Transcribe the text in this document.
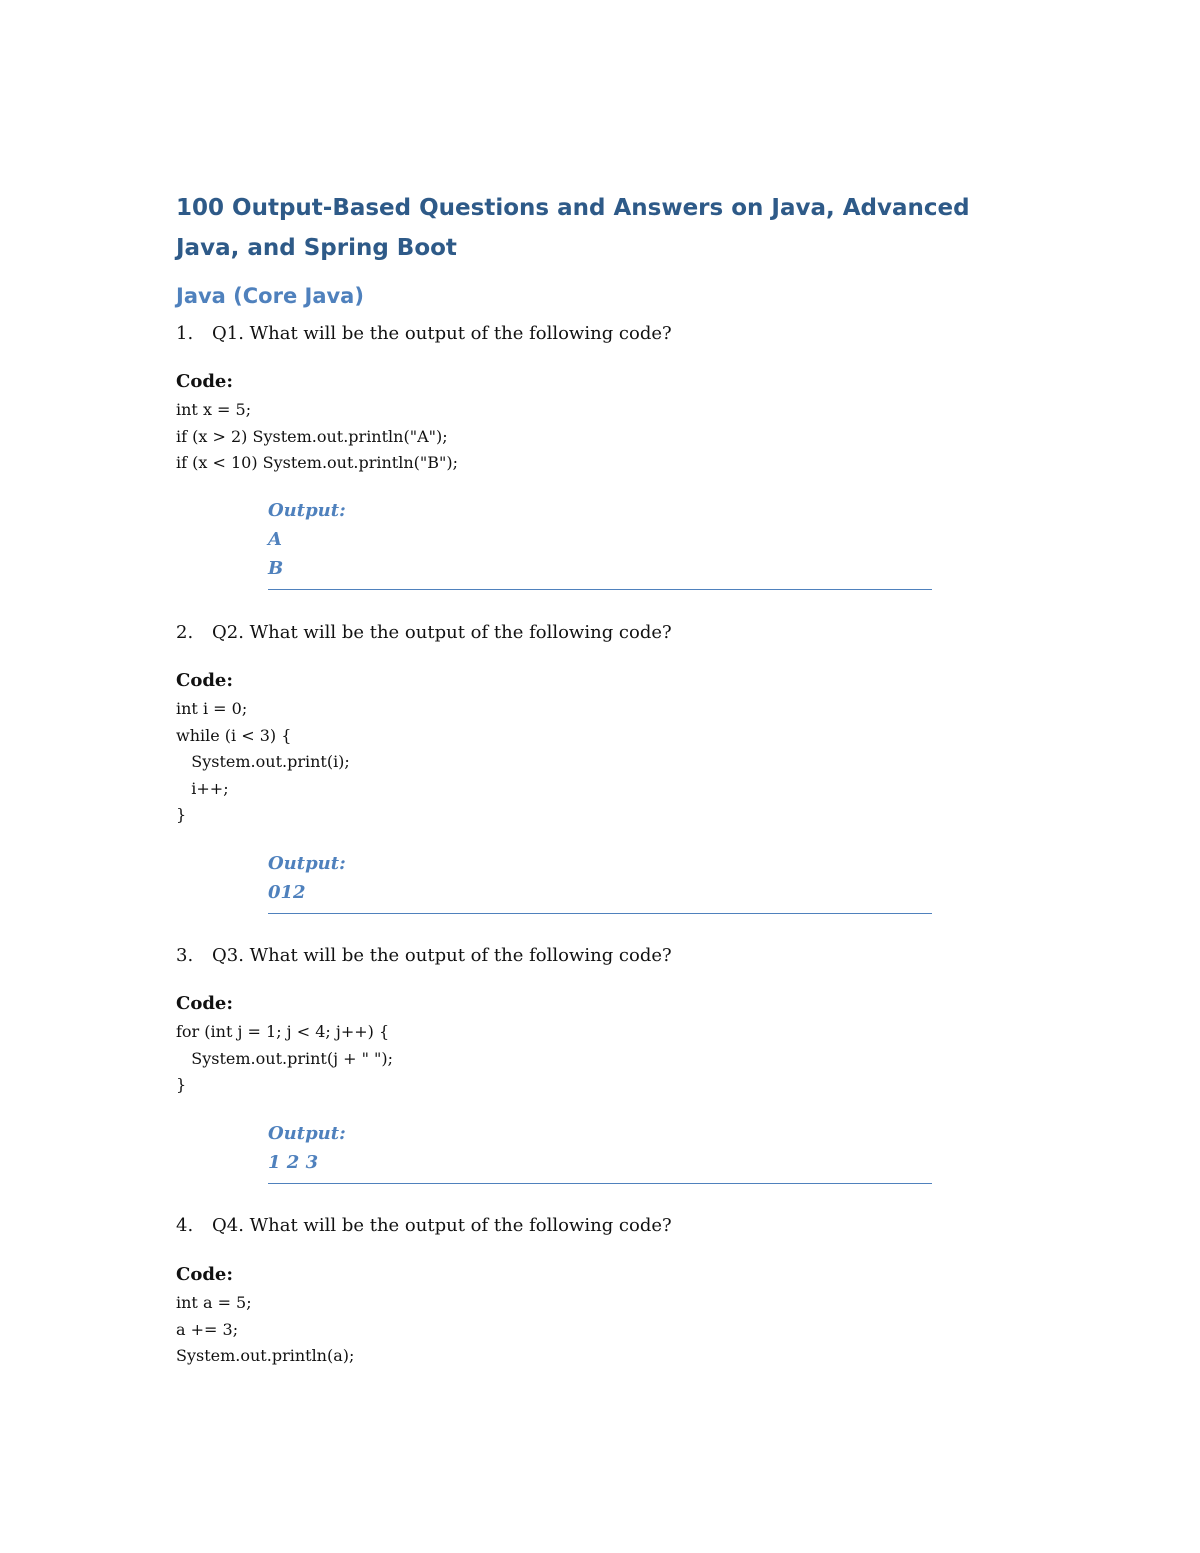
100 Output-Based Questions and Answers on Java, Advanced Java, and Spring Boot
Java (Core Java)
1. Q1. What will be the output of the following code?
Code:
int x = 5;
if (x > 2) System.out.println("A");
if (x < 10) System.out.println("B");
Output:
A
B
2. Q2. What will be the output of the following code?
Code:
int i = 0;
while (i < 3) {
System.out.print(i);
i++;
}
Output:
012
3. Q3. What will be the output of the following code?
Code:
for (int j = 1; j < 4; j++) {
System.out.print(j + " ");
}
Output:
1 2 3
4. Q4. What will be the output of the following code?
Code:
int a = 5;
a += 3;
System.out.println(a);
